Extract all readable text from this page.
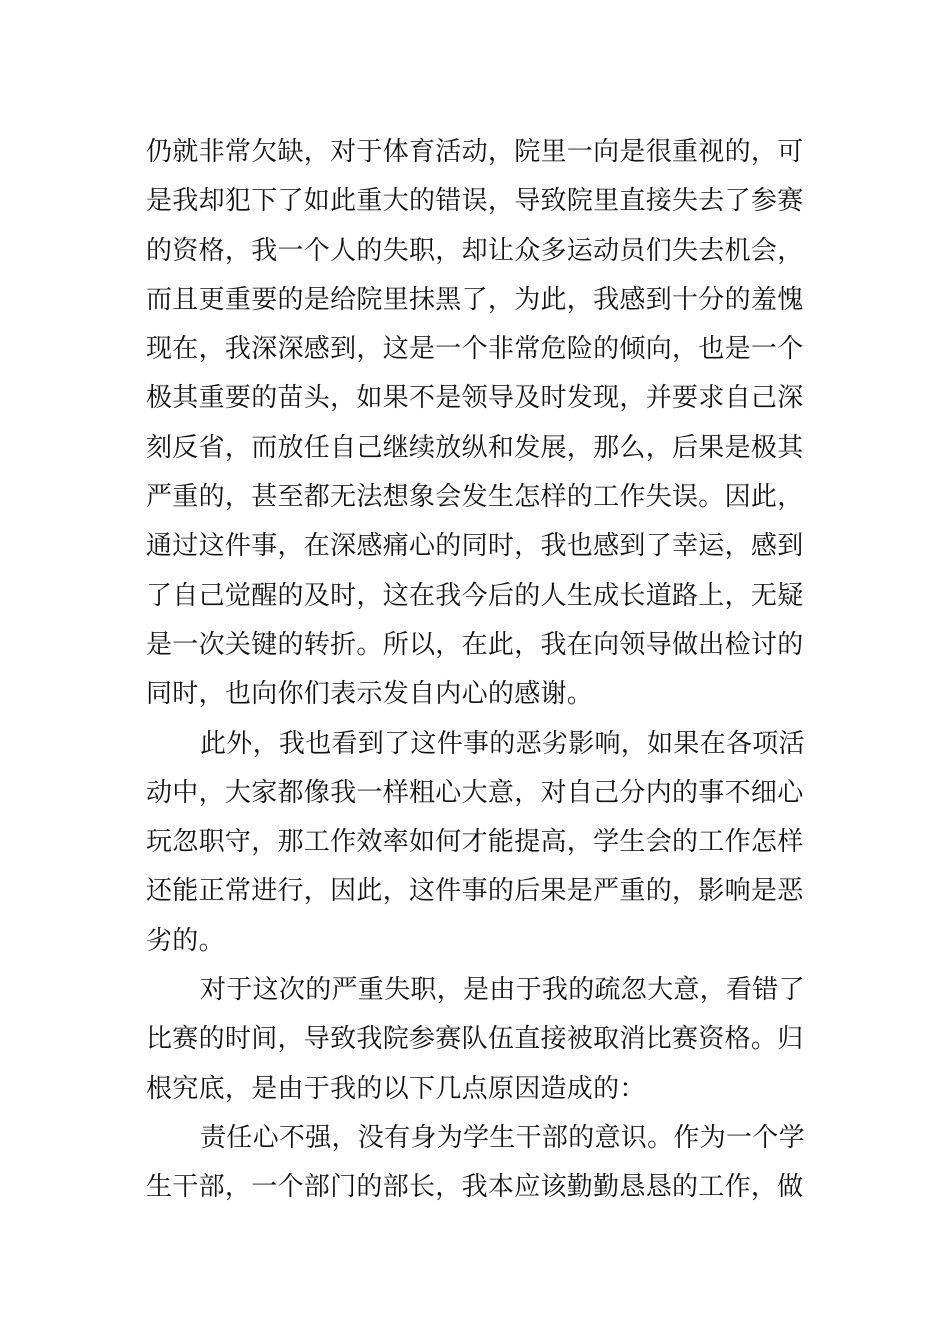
仍就非常欠缺，对于体育活动，院里一向是很重视的，可
是我却犯下了如此重大的错误，导致院里直接失去了参赛
的资格，我一个人的失职，却让众多运动员们失去机会，
而且更重要的是给院里抹黑了，为此，我感到十分的羞愧
现在，我深深感到，这是一个非常危险的倾向，也是一个
极其重要的苗头，如果不是领导及时发现，并要求自己深
刻反省，而放任自己继续放纵和发展，那么，后果是极其
严重的，甚至都无法想象会发生怎样的工作失误。因此，
通过这件事，在深感痛心的同时，我也感到了幸运，感到
了自己觉醒的及时，这在我今后的人生成长道路上，无疑
是一次关键的转折。所以，在此，我在向领导做出检讨的
同时，也向你们表示发自内心的感谢。
此外，我也看到了这件事的恶劣影响，如果在各项活
动中，大家都像我一样粗心大意，对自己分内的事不细心
玩忽职守，那工作效率如何才能提高，学生会的工作怎样
还能正常进行，因此，这件事的后果是严重的，影响是恶
劣的。
对于这次的严重失职，是由于我的疏忽大意，看错了
比赛的时间，导致我院参赛队伍直接被取消比赛资格。归
根究底，是由于我的以下几点原因造成的：
责任心不强，没有身为学生干部的意识。作为一个学
生干部，一个部门的部长，我本应该勤勤恳恳的工作，做
